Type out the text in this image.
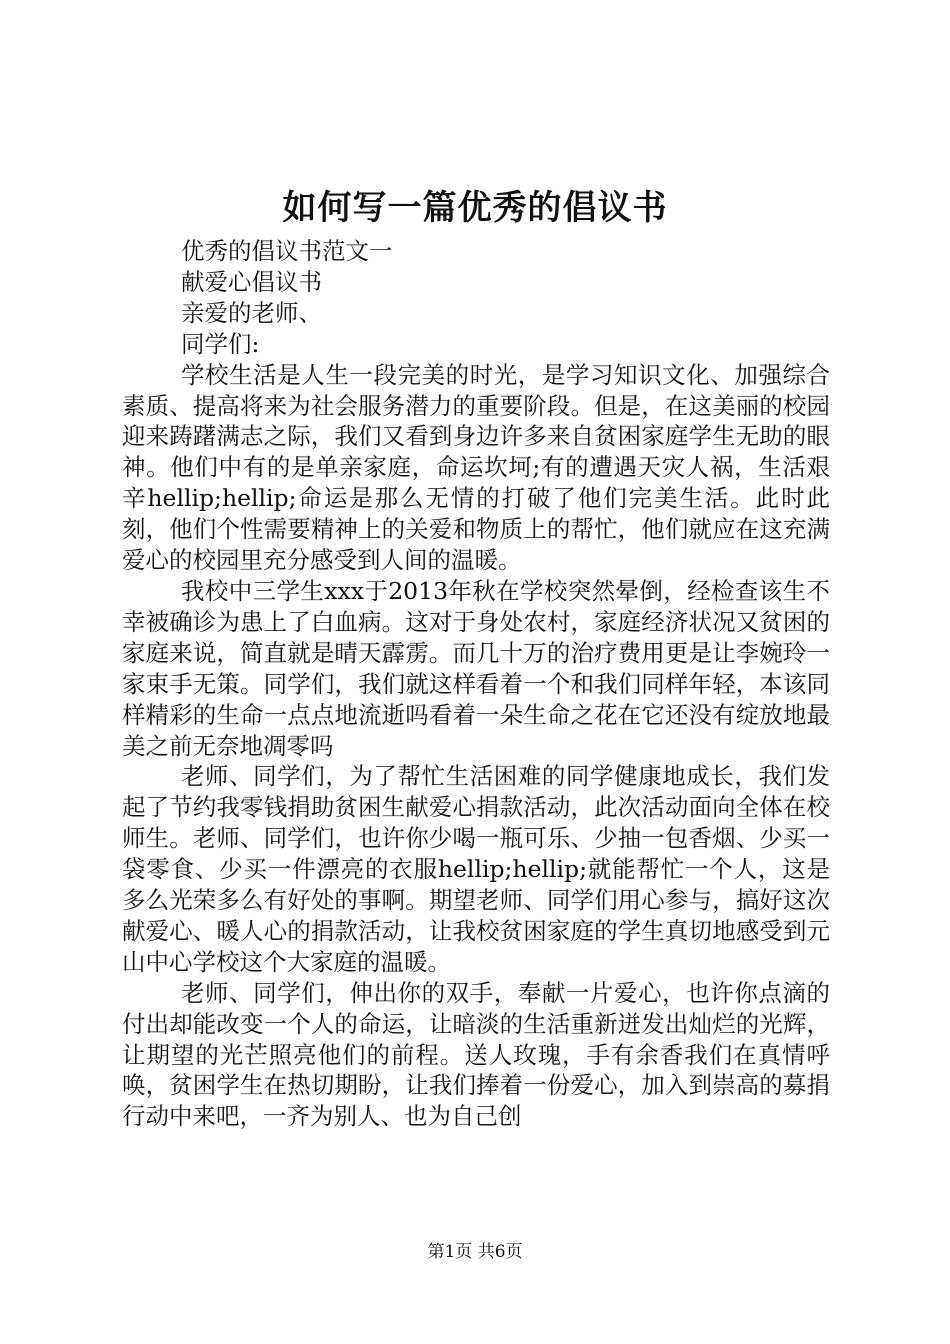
如何写一篇优秀的倡议书

优秀的倡议书范文一

献爱心倡议书

亲爱的老师、

同学们:

学校生活是人生一段完美的时光，是学习知识文化、加强综合素质、提高将来为社会服务潜力的重要阶段。但是，在这美丽的校园迎来踌躇满志之际，我们又看到身边许多来自贫困家庭学生无助的眼神。他们中有的是单亲家庭，命运坎坷;有的遭遇天灾人祸，生活艰辛hellip;hellip;命运是那么无情的打破了他们完美生活。此时此刻，他们个性需要精神上的关爱和物质上的帮忙，他们就应在这充满爱心的校园里充分感受到人间的温暖。

我校中三学生xxx于2013年秋在学校突然晕倒，经检查该生不幸被确诊为患上了白血病。这对于身处农村，家庭经济状况又贫困的家庭来说，简直就是晴天霹雳。而几十万的治疗费用更是让李婉玲一家束手无策。同学们，我们就这样看着一个和我们同样年轻，本该同样精彩的生命一点点地流逝吗看着一朵生命之花在它还没有绽放地最美之前无奈地凋零吗

老师、同学们，为了帮忙生活困难的同学健康地成长，我们发起了节约我零钱捐助贫困生献爱心捐款活动，此次活动面向全体在校师生。老师、同学们，也许你少喝一瓶可乐、少抽一包香烟、少买一袋零食、少买一件漂亮的衣服hellip;hellip;就能帮忙一个人，这是多么光荣多么有好处的事啊。期望老师、同学们用心参与，搞好这次献爱心、暖人心的捐款活动，让我校贫困家庭的学生真切地感受到元山中心学校这个大家庭的温暖。

老师、同学们，伸出你的双手，奉献一片爱心，也许你点滴的付出却能改变一个人的命运，让暗淡的生活重新迸发出灿烂的光辉，让期望的光芒照亮他们的前程。送人玫瑰，手有余香我们在真情呼唤，贫困学生在热切期盼，让我们捧着一份爱心，加入到崇高的募捐行动中来吧，一齐为别人、也为自己创

第1页 共6页
